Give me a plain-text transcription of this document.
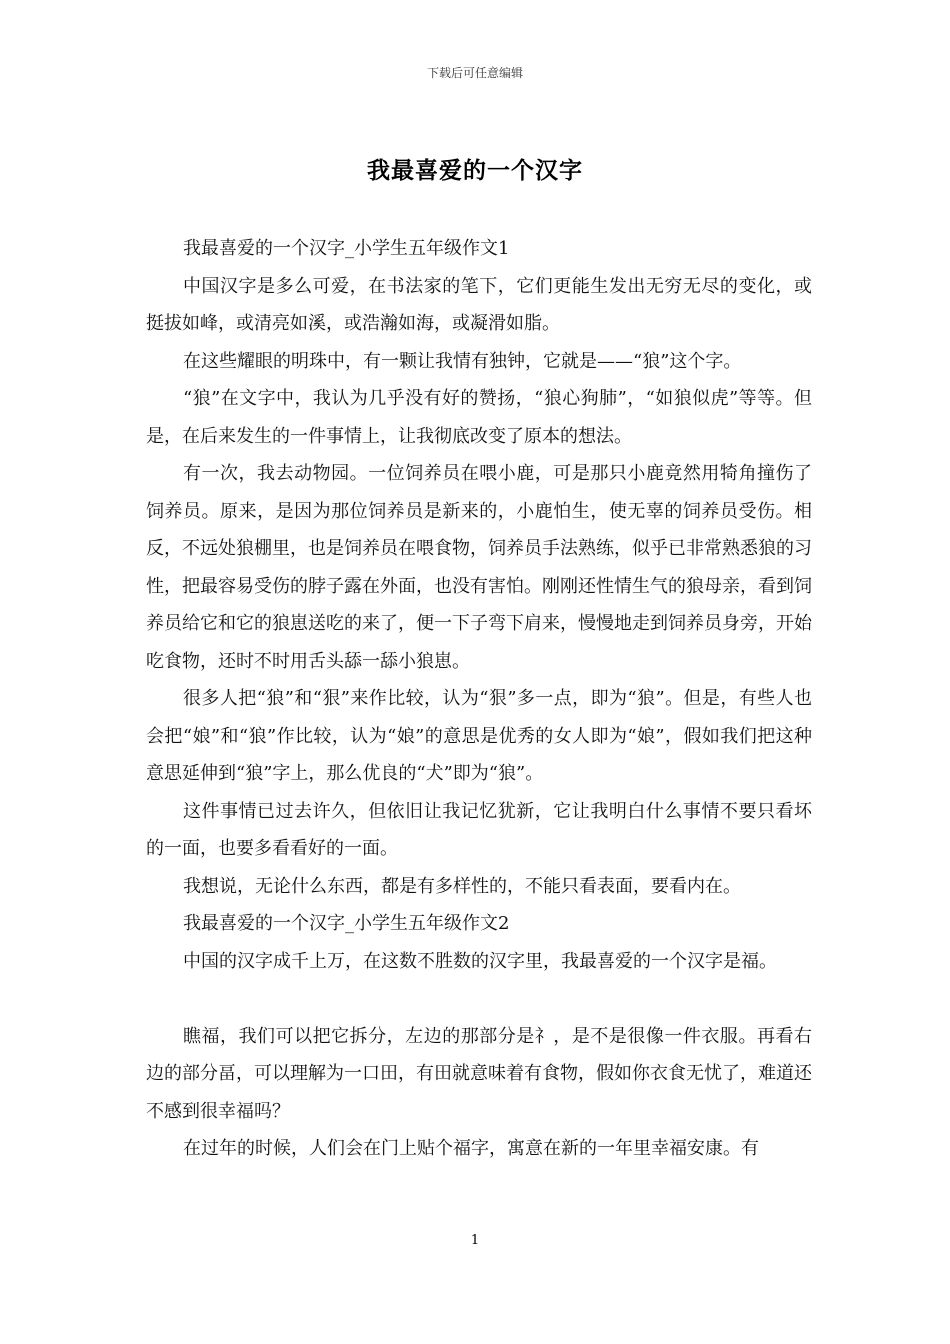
下载后可任意编辑
我最喜爱的一个汉字

我最喜爱的一个汉字_小学生五年级作文1

中国汉字是多么可爱，在书法家的笔下，它们更能生发出无穷无尽的变化，或挺拔如峰，或清亮如溪，或浩瀚如海，或凝滑如脂。

在这些耀眼的明珠中，有一颗让我情有独钟，它就是——“狼”这个字。

“狼”在文字中，我认为几乎没有好的赞扬，“狼心狗肺”，“如狼似虎”等等。但是，在后来发生的一件事情上，让我彻底改变了原本的想法。

有一次，我去动物园。一位饲养员在喂小鹿，可是那只小鹿竟然用犄角撞伤了饲养员。原来，是因为那位饲养员是新来的，小鹿怕生，使无辜的饲养员受伤。相反，不远处狼棚里，也是饲养员在喂食物，饲养员手法熟练，似乎已非常熟悉狼的习性，把最容易受伤的脖子露在外面，也没有害怕。刚刚还性情生气的狼母亲，看到饲养员给它和它的狼崽送吃的来了，便一下子弯下肩来，慢慢地走到饲养员身旁，开始吃食物，还时不时用舌头舔一舔小狼崽。

很多人把“狼”和“狠”来作比较，认为“狠”多一点，即为“狼”。但是，有些人也会把“娘”和“狼”作比较，认为“娘”的意思是优秀的女人即为“娘”，假如我们把这种意思延伸到“狼”字上，那么优良的“犬”即为“狼”。

这件事情已过去许久，但依旧让我记忆犹新，它让我明白什么事情不要只看坏的一面，也要多看看好的一面。

我想说，无论什么东西，都是有多样性的，不能只看表面，要看内在。

我最喜爱的一个汉字_小学生五年级作文2

中国的汉字成千上万，在这数不胜数的汉字里，我最喜爱的一个汉字是福。

瞧福，我们可以把它拆分，左边的那部分是礻，是不是很像一件衣服。再看右边的部分畐，可以理解为一口田，有田就意味着有食物，假如你衣食无忧了，难道还不感到很幸福吗？

在过年的时候，人们会在门上贴个福字，寓意在新的一年里幸福安康。有

1
